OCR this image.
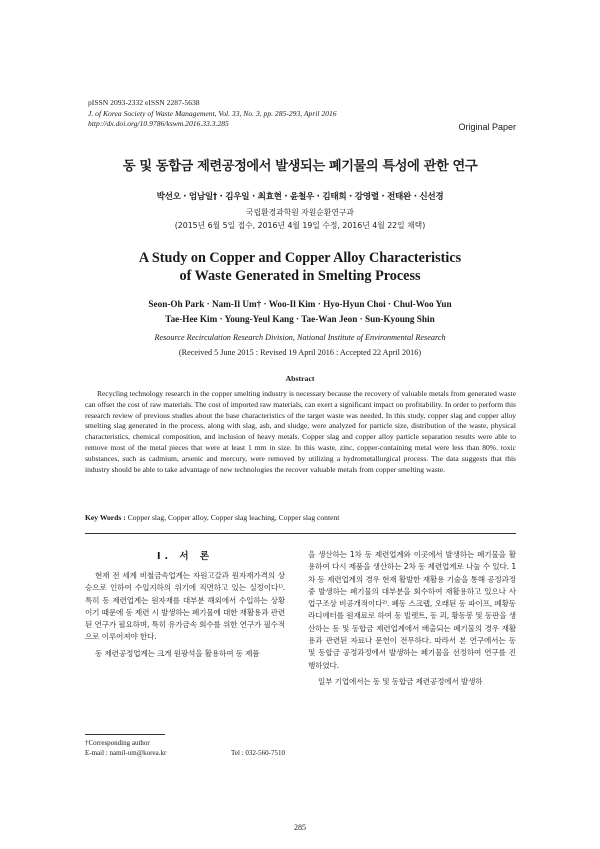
pISSN 2093-2332 eISSN 2287-5638
J. of Korea Society of Waste Management, Vol. 33, No. 3, pp. 285-293, April 2016
http://dx.doi.org/10.9786/kswm.2016.33.3.285	Original Paper
동 및 동합금 제련공정에서 발생되는 폐기물의 특성에 관한 연구
박선오 · 엄남일† · 김우일 · 최효현 · 윤철우 · 김태희 · 강영렬 · 전태완 · 신선경
국립환경과학원 자원순환연구과
(2015년 6월 5일 접수, 2016년 4월 19일 수정, 2016년 4월 22일 채택)
A Study on Copper and Copper Alloy Characteristics
of Waste Generated in Smelting Process
Seon-Oh Park · Nam-Il Um† · Woo-Il Kim · Hyo-Hyun Choi · Chul-Woo Yun
Tae-Hee Kim · Young-Yeul Kang · Tae-Wan Jeon · Sun-Kyoung Shin
Resource Recirculation Research Division, National Institute of Environmental Research
(Received 5 June 2015 : Revised 19 April 2016 : Accepted 22 April 2016)
Abstract
Recycling technology research in the copper smelting industry is necessary because the recovery of valuable metals from generated waste can offset the cost of raw materials. The cost of imported raw materials, can exert a significant impact on profitability. In order to perform this research review of previous studies about the base characteristics of the target waste was needed. In this study, copper slag and copper alloy smelting slag generated in the process, along with slag, ash, and sludge, were analyzed for particle size, distribution of the waste, physical characteristics, chemical composition, and inclusion of heavy metals. Copper slag and copper alloy particle separation results were able to remove most of the metal pieces that were at least 1 mm in size. In this waste, zinc, copper-containing metal were less than 80%. toxic substances, such as cadmium, arsenic and mercury, were removed by utilizing a hydrometallurgical process. The data suggests that this industry should be able to take advantage of new technologies the recover valuable metals from copper smelting waste.
Key Words : Copper slag, Copper alloy, Copper slag leaching, Copper slag content
I. 서 론

현재 전 세계 비철금속업계는 자원고갈과 원자재가격의 상승으로 인하여 수입지하의 위기에 직면하고 있는 실정이다¹⁾. 특히 동 제련업계는 원자재를 대부분 해외에서 수입하는 상황이기 때문에 동 제련 시 발생하는 폐기물에 대한 재활용과 관련된 연구가 필요하며, 특히 유가금속 회수를 위한 연구가 필수적으로 이루어져야 한다.

동 제련공정업계는 크게 원광석을 활용하여 동 제품

을 생산하는 1차 동 제련업계와 이곳에서 발생하는 폐기물을 활용하여 다시 제품을 생산하는 2차 동 제련업계로 나눌 수 있다. 1차 동 제련업계의 경우 현재 활발한 재활용 기술을 통해 공정과정 중 발생하는 폐기물의 대부분을 회수하여 재활용하고 있으나 사업구조상 비공개적이다²⁾. 폐동 스크랩, 오래된 동 파이프, 폐황동 라디에터를 원재료로 하여 동 빌렛트, 동 괴, 황동봉 및 동판을 생산하는 동 및 동합금 제련업계에서 배출되는 폐기물의 경우 재활용과 관련된 자료나 문헌이 전무하다. 따라서 본 연구에서는 동 및 동합금 공정과정에서 발생하는 폐기물을 선정하여 연구를 진행하였다.

일부 기업에서는 동 및 동합금 제련공정에서 발생하

†Corresponding author
E-mail : namil-um@korea.kr	Tel : 032-560-7510
285
